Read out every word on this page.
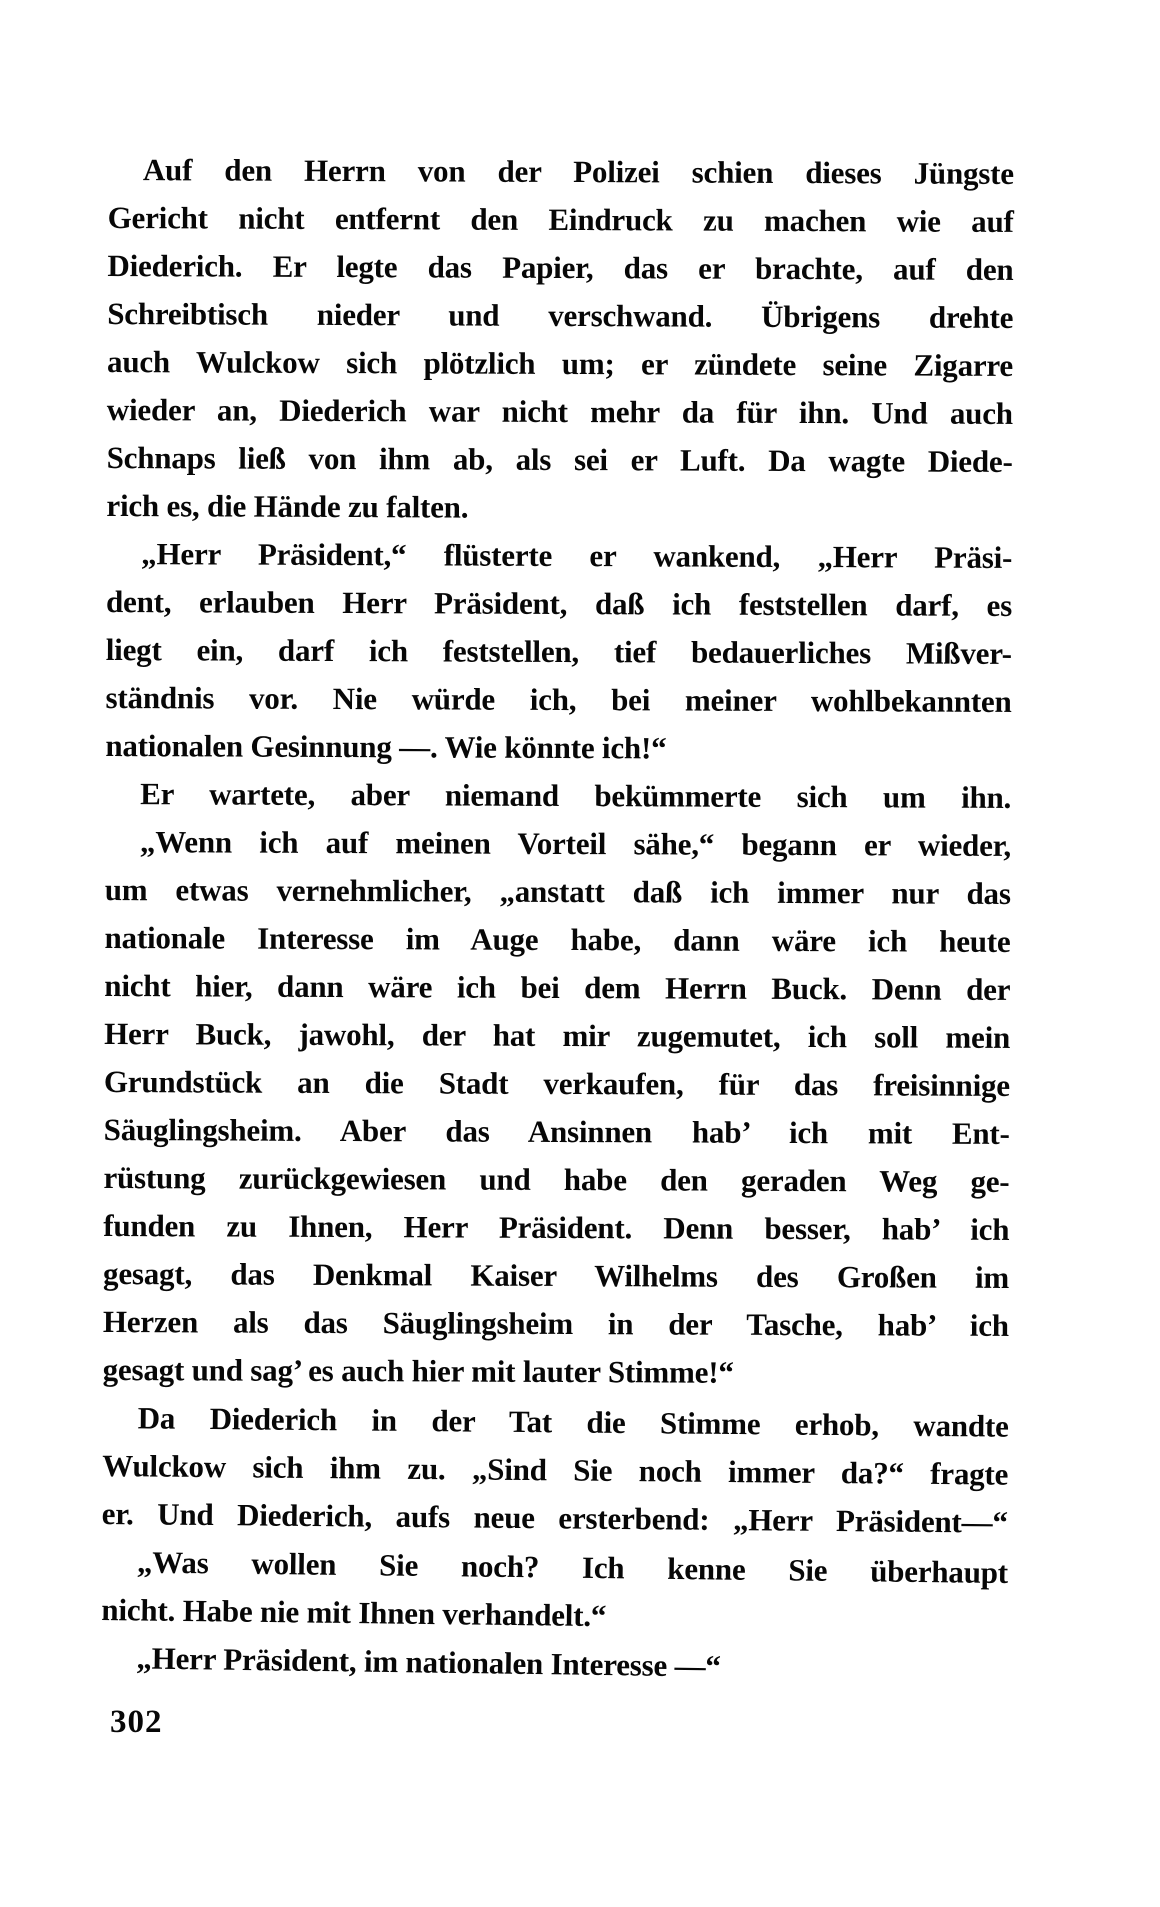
Auf den Herrn von der Polizei schien dieses Jüngste
Gericht nicht entfernt den Eindruck zu machen wie auf
Diederich. Er legte das Papier, das er brachte, auf den
Schreibtisch nieder und verschwand. Übrigens drehte
auch Wulckow sich plötzlich um; er zündete seine Zigarre
wieder an, Diederich war nicht mehr da für ihn. Und auch
Schnaps ließ von ihm ab, als sei er Luft. Da wagte Diede-
rich es, die Hände zu falten.
„Herr Präsident,“ flüsterte er wankend, „Herr Präsi-
dent, erlauben Herr Präsident, daß ich feststellen darf, es
liegt ein, darf ich feststellen, tief bedauerliches Mißver-
ständnis vor. Nie würde ich, bei meiner wohlbekannten
nationalen Gesinnung —. Wie könnte ich!“
Er wartete, aber niemand bekümmerte sich um ihn.
„Wenn ich auf meinen Vorteil sähe,“ begann er wieder,
um etwas vernehmlicher, „anstatt daß ich immer nur das
nationale Interesse im Auge habe, dann wäre ich heute
nicht hier, dann wäre ich bei dem Herrn Buck. Denn der
Herr Buck, jawohl, der hat mir zugemutet, ich soll mein
Grundstück an die Stadt verkaufen, für das freisinnige
Säuglingsheim. Aber das Ansinnen hab’ ich mit Ent-
rüstung zurückgewiesen und habe den geraden Weg ge-
funden zu Ihnen, Herr Präsident. Denn besser, hab’ ich
gesagt, das Denkmal Kaiser Wilhelms des Großen im
Herzen als das Säuglingsheim in der Tasche, hab’ ich
gesagt und sag’ es auch hier mit lauter Stimme!“
Da Diederich in der Tat die Stimme erhob, wandte
Wulckow sich ihm zu. „Sind Sie noch immer da?“ fragte
er. Und Diederich, aufs neue ersterbend: „Herr Präsident—“
„Was wollen Sie noch? Ich kenne Sie überhaupt
nicht. Habe nie mit Ihnen verhandelt.“
„Herr Präsident, im nationalen Interesse —“
302
